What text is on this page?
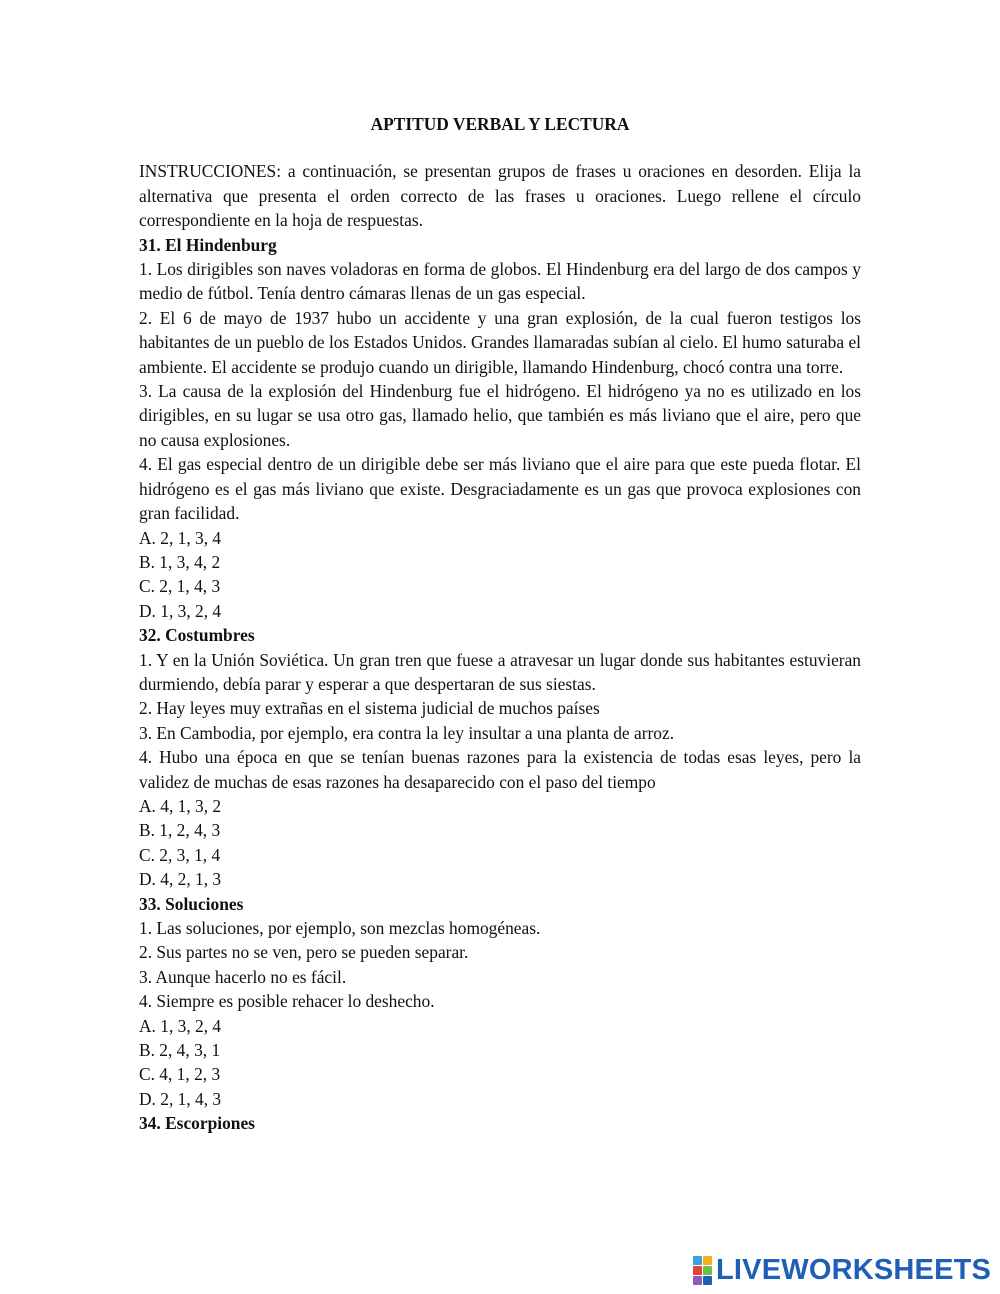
APTITUD VERBAL Y LECTURA

INSTRUCCIONES: a continuación, se presentan grupos de frases u oraciones en desorden. Elija la alternativa que presenta el orden correcto de las frases u oraciones. Luego rellene el círculo correspondiente en la hoja de respuestas.

31. El Hindenburg

1. Los dirigibles son naves voladoras en forma de globos. El Hindenburg era del largo de dos campos y medio de fútbol. Tenía dentro cámaras llenas de un gas especial.

2. El 6 de mayo de 1937 hubo un accidente y una gran explosión, de la cual fueron testigos los habitantes de un pueblo de los Estados Unidos. Grandes llamaradas subían al cielo. El humo saturaba el ambiente. El accidente se produjo cuando un dirigible, llamando Hindenburg, chocó contra una torre.

3. La causa de la explosión del Hindenburg fue el hidrógeno. El hidrógeno ya no es utilizado en los dirigibles, en su lugar se usa otro gas, llamado helio, que también es más liviano que el aire, pero que no causa explosiones.

4. El gas especial dentro de un dirigible debe ser más liviano que el aire para que este pueda flotar. El hidrógeno es el gas más liviano que existe. Desgraciadamente es un gas que provoca explosiones con gran facilidad.

A. 2, 1, 3, 4

B. 1, 3, 4, 2

C. 2, 1, 4, 3

D. 1, 3, 2, 4

32. Costumbres

1. Y en la Unión Soviética. Un gran tren que fuese a atravesar un lugar donde sus habitantes estuvieran durmiendo, debía parar y esperar a que despertaran de sus siestas.

2. Hay leyes muy extrañas en el sistema judicial de muchos países

3. En Cambodia, por ejemplo, era contra la ley insultar a una planta de arroz.

4. Hubo una época en que se tenían buenas razones para la existencia de todas esas leyes, pero la validez de muchas de esas razones ha desaparecido con el paso del tiempo

A. 4, 1, 3, 2

B. 1, 2, 4, 3

C. 2, 3, 1, 4

D. 4, 2, 1, 3

33. Soluciones

1. Las soluciones, por ejemplo, son mezclas homogéneas.

2. Sus partes no se ven, pero se pueden separar.

3. Aunque hacerlo no es fácil.

4. Siempre es posible rehacer lo deshecho.

A. 1, 3, 2, 4

B. 2, 4, 3, 1

C. 4, 1, 2, 3

D. 2, 1, 4, 3

34. Escorpiones

LIVEWORKSHEETS
